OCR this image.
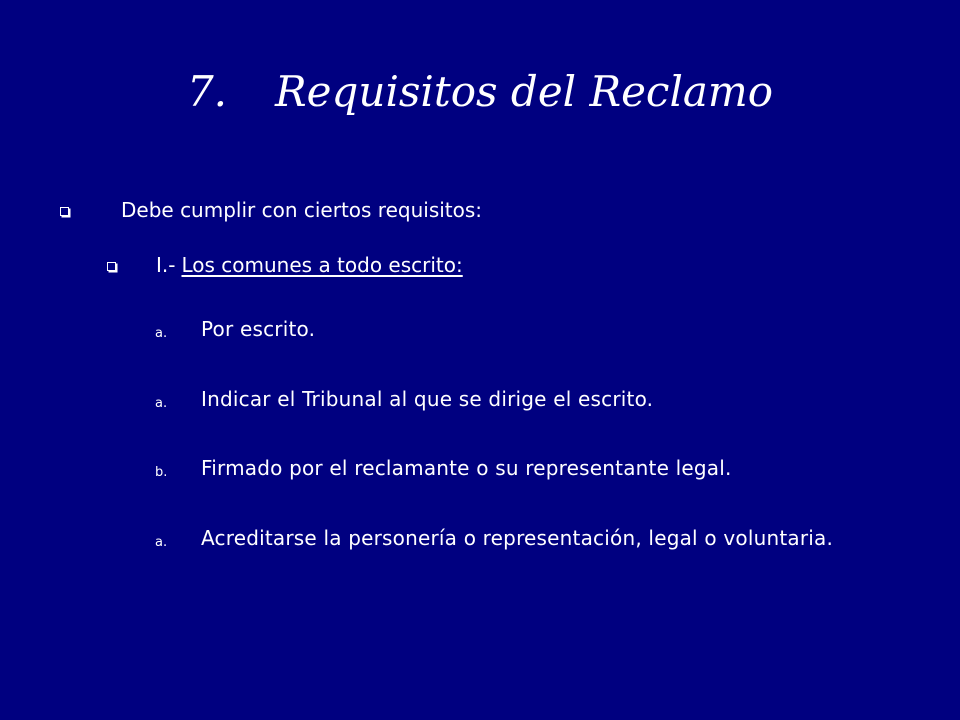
7. Requisitos del Reclamo
Debe cumplir con ciertos requisitos:
I.- Los comunes a todo escrito:
a.	Por escrito.
a.	Indicar el Tribunal al que se dirige el escrito.
b.	Firmado por el reclamante o su representante legal.
a.	Acreditarse la personería o representación, legal o voluntaria.
